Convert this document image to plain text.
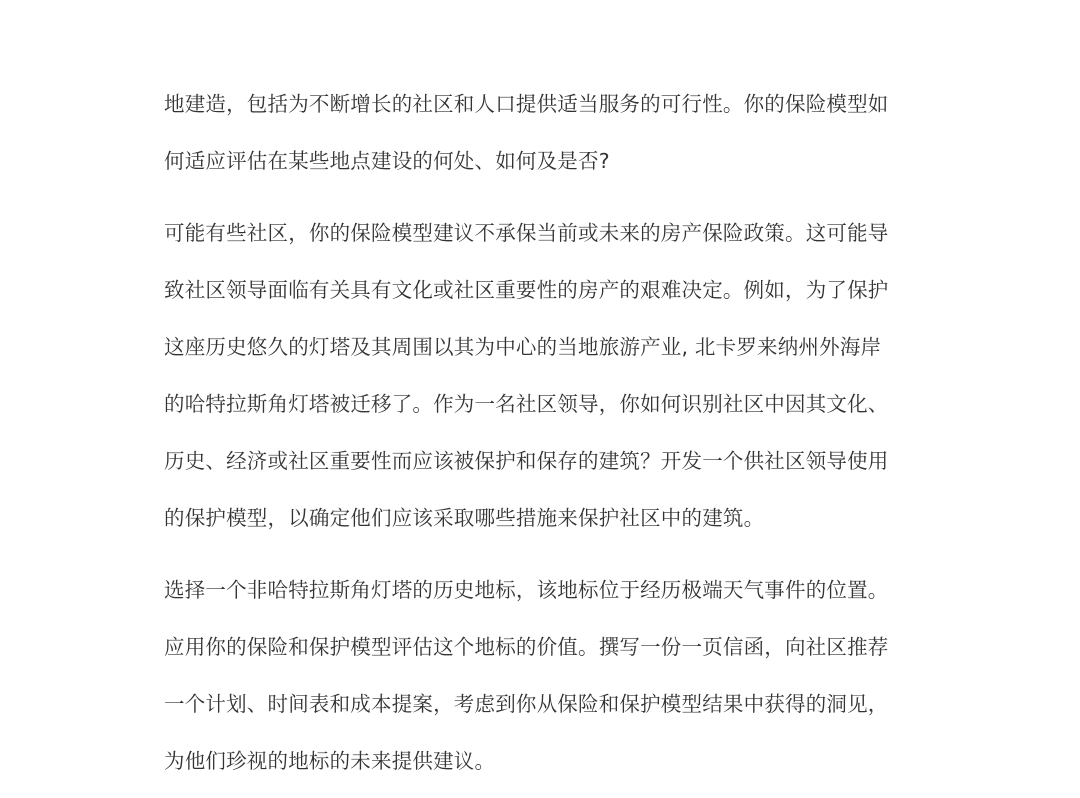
地建造，包括为不断增长的社区和人口提供适当服务的可行性。你的保险模型如
何适应评估在某些地点建设的何处、如何及是否?
可能有些社区，你的保险模型建议不承保当前或未来的房产保险政策。这可能导
致社区领导面临有关具有文化或社区重要性的房产的艰难决定。例如，为了保护
这座历史悠久的灯塔及其周围以其为中心的当地旅游产业, 北卡罗来纳州外海岸
的哈特拉斯角灯塔被迁移了。作为一名社区领导，你如何识别社区中因其文化、
历史、经济或社区重要性而应该被保护和保存的建筑？开发一个供社区领导使用
的保护模型，以确定他们应该采取哪些措施来保护社区中的建筑。
选择一个非哈特拉斯角灯塔的历史地标，该地标位于经历极端天气事件的位置。
应用你的保险和保护模型评估这个地标的价值。撰写一份一页信函，向社区推荐
一个计划、时间表和成本提案，考虑到你从保险和保护模型结果中获得的洞见，
为他们珍视的地标的未来提供建议。
